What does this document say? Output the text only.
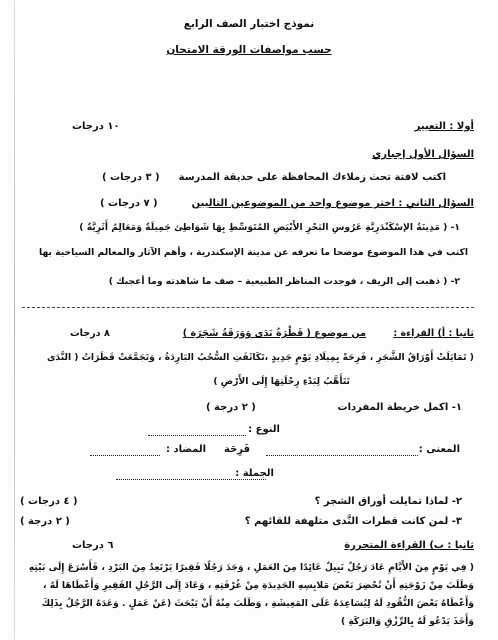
نموذج اختبار الصف الرابع
حسب مواصفات الورقة الامتحان
أولا : التعبير
١٠ درجات
السؤال الأول إجباري
اكتب لافتة تحث زملاءك المحافظة على حديقة المدرسة
( ٣ درجات )
السؤال الثاني : اختر موضوع واحد من الموضوعين التاليين
( ٧ درجات )
١- ( مَدِينَةُ الإسْكَنْدَرِيَّةِ عَرُوسِ البَحْرِ الأَبْيَضِ المُتَوَسِّطِ بِهَا شَوَاطِئ جَمِيلَةٌ وَمَعَالِمُ أَثَرِيَّةٌ )
اكتب في هذا الموضوع موضحا ما تعرفه عن مدينة الإسكندرية ، وأهم الآثار والمعالم السياحية بها
٢- ( ذهبت إلى الريف ، فوجدت المناظر الطبيعية – صف ما شاهدته وما أعجبك )
ثانيا : أ) القراءة :
من موضوع ( قَطْرَةُ نَدَى وَوَرَقَةُ شَجَرَة )
٨ درجات
( تَمَايَلَتْ أَوْرَاقُ الشَّجَرِ ، فَرِحَةً بِمِيلَادِ يَوْمٍ جَدِيدٍ ،تَكَاثَفَتِ السُّحُبُ البَارِدَةُ ، وَتَجَمَّعَتْ قَطَرَاتُ ( النَّدَى
تَتَأَهَّبُ لِبَدْءِ رِحْلَتِهَا إِلَى الأَرْضِ )
١- اكمل خريطة المفردات
( ٢ درجة )
النوع :
المعنى :
فَرِحَة
المضاد :
الجملة :
٢- لماذا تمايلت أوراق الشجر ؟
( ٤ درجات )
٣- لمن كانت قطرات النَّدى متلهفة للقائهم ؟
( ٢ درجة )
ثانيا : ب) القراءة المتحررة
٦ درجات
( فِي يَوْمٍ مِنَ الأَيَّامِ عَادَ رَجُلٌ نَبِيلٌ عَائِدًا مِنَ العَمَلِ ، وَجَدَ رَجُلًا فَقِيرًا يَرْتَعِدُ مِنَ البَرْدِ ، فَأَسْرَعَ إِلَى بَيْتِهِ
وَطَلَبَ مِنْ زَوْجَتِهِ أَنْ تُحْضِرَ بَعْضَ مَلابِسِهِ الجَدِيدَةِ مِنْ غُرْفَتِهِ ، وَعَادَ إِلَى الرَّجُلِ الفَقِيرِ وَأَعْطَاهَا لَهُ ،
وَأَعْطَاهُ بَعْضَ النُّقُودِ لَهُ لِيُسَاعِدَهُ عَلَى المَعِيشَةِ ، وَطَلَبَ مِنْهُ أَنْ يَبْحَثَ (عَنْ عَمَلٍ . وَعَدَهُ الرَّجُلُ بِذَلِكَ
وَأَخَذَ يَدْعُو لَهُ بِالرِّزْقِ وَالبَرَكَةِ )
